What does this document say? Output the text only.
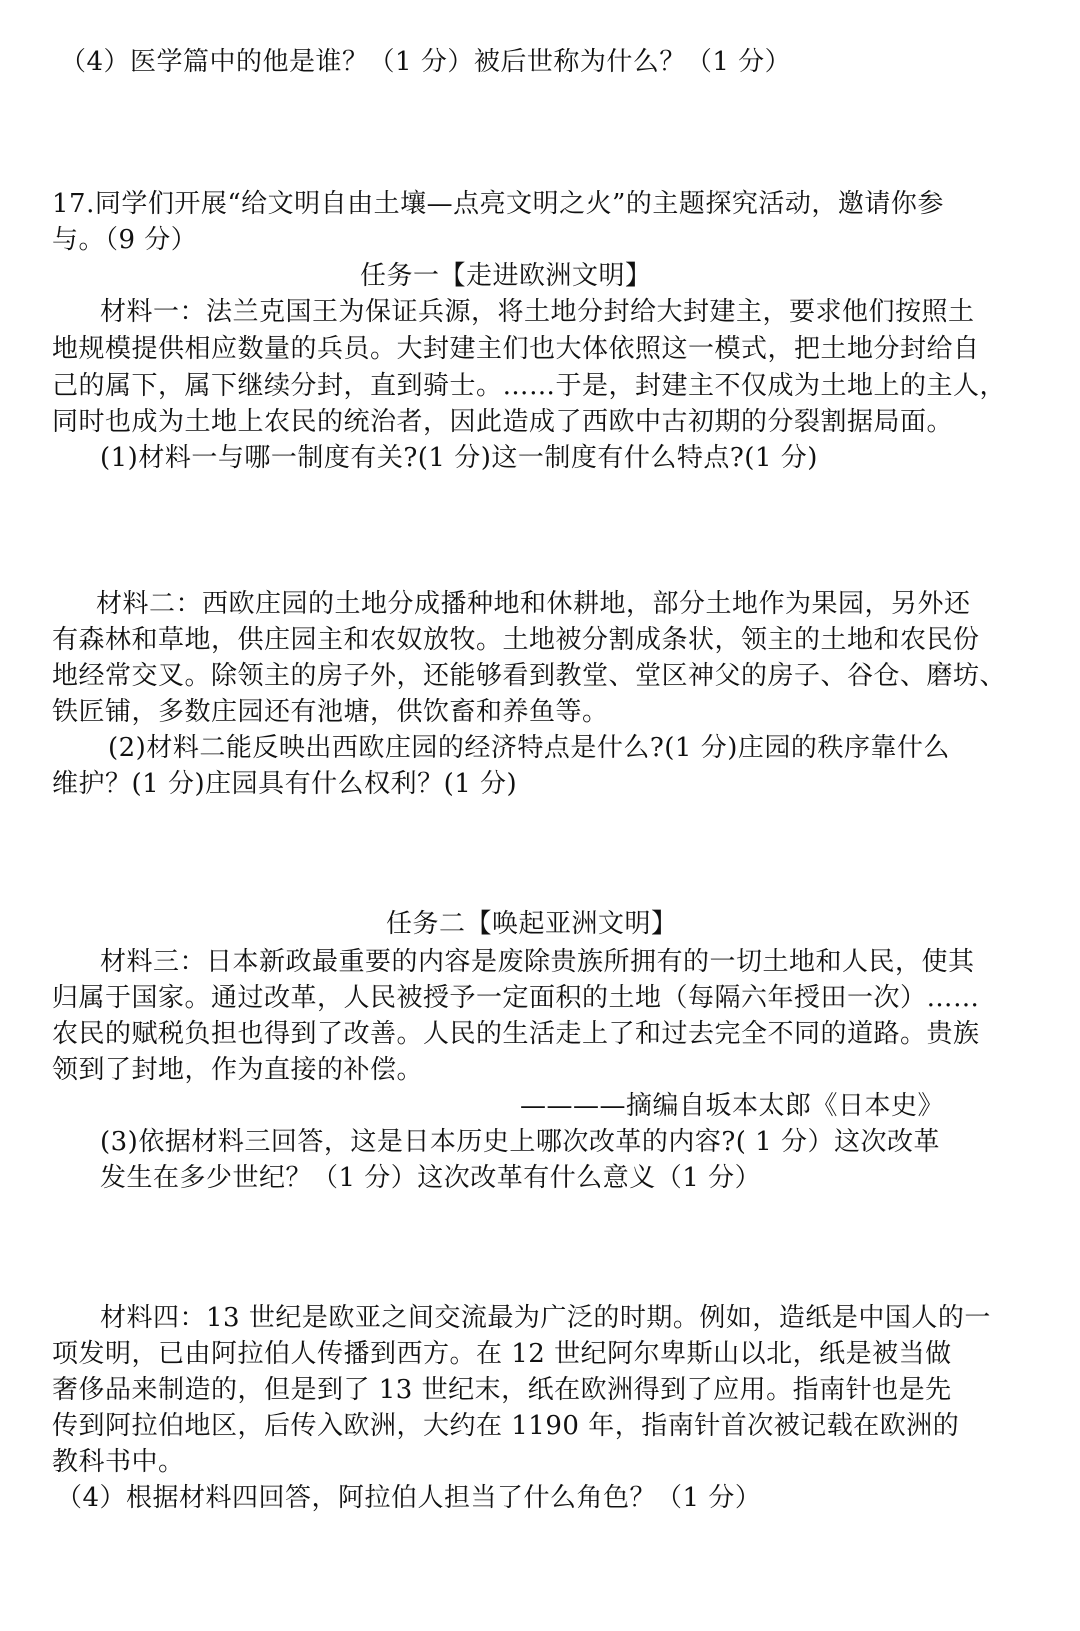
（4）医学篇中的他是谁？（1 分）被后世称为什么？（1 分）
17.同学们开展“给文明自由土壤—点亮文明之火”的主题探究活动，邀请你参
与。（9 分）
任务一【走进欧洲文明】
材料一：法兰克国王为保证兵源，将土地分封给大封建主，要求他们按照土
地规模提供相应数量的兵员。大封建主们也大体依照这一模式，把土地分封给自
己的属下，属下继续分封，直到骑士。……于是，封建主不仅成为土地上的主人，
同时也成为土地上农民的统治者，因此造成了西欧中古初期的分裂割据局面。
(1)材料一与哪一制度有关?(1 分)这一制度有什么特点?(1 分)
材料二：西欧庄园的土地分成播种地和休耕地，部分土地作为果园，另外还
有森林和草地，供庄园主和农奴放牧。土地被分割成条状，领主的土地和农民份
地经常交叉。除领主的房子外，还能够看到教堂、堂区神父的房子、谷仓、磨坊、
铁匠铺，多数庄园还有池塘，供饮畜和养鱼等。
(2)材料二能反映出西欧庄园的经济特点是什么?(1 分)庄园的秩序靠什么
维护？(1 分)庄园具有什么权利？(1 分)
任务二【唤起亚洲文明】
材料三：日本新政最重要的内容是废除贵族所拥有的一切土地和人民，使其
归属于国家。通过改革，人民被授予一定面积的土地（每隔六年授田一次）……
农民的赋税负担也得到了改善。人民的生活走上了和过去完全不同的道路。贵族
领到了封地，作为直接的补偿。
————摘编自坂本太郎《日本史》
(3)依据材料三回答，这是日本历史上哪次改革的内容?( 1 分）这次改革
发生在多少世纪？（1 分）这次改革有什么意义（1 分）
材料四：13 世纪是欧亚之间交流最为广泛的时期。例如，造纸是中国人的一
项发明，已由阿拉伯人传播到西方。在 12 世纪阿尔卑斯山以北，纸是被当做
奢侈品来制造的，但是到了 13 世纪末，纸在欧洲得到了应用。指南针也是先
传到阿拉伯地区，后传入欧洲，大约在 1190 年，指南针首次被记载在欧洲的
教科书中。
（4）根据材料四回答，阿拉伯人担当了什么角色？（1 分）
